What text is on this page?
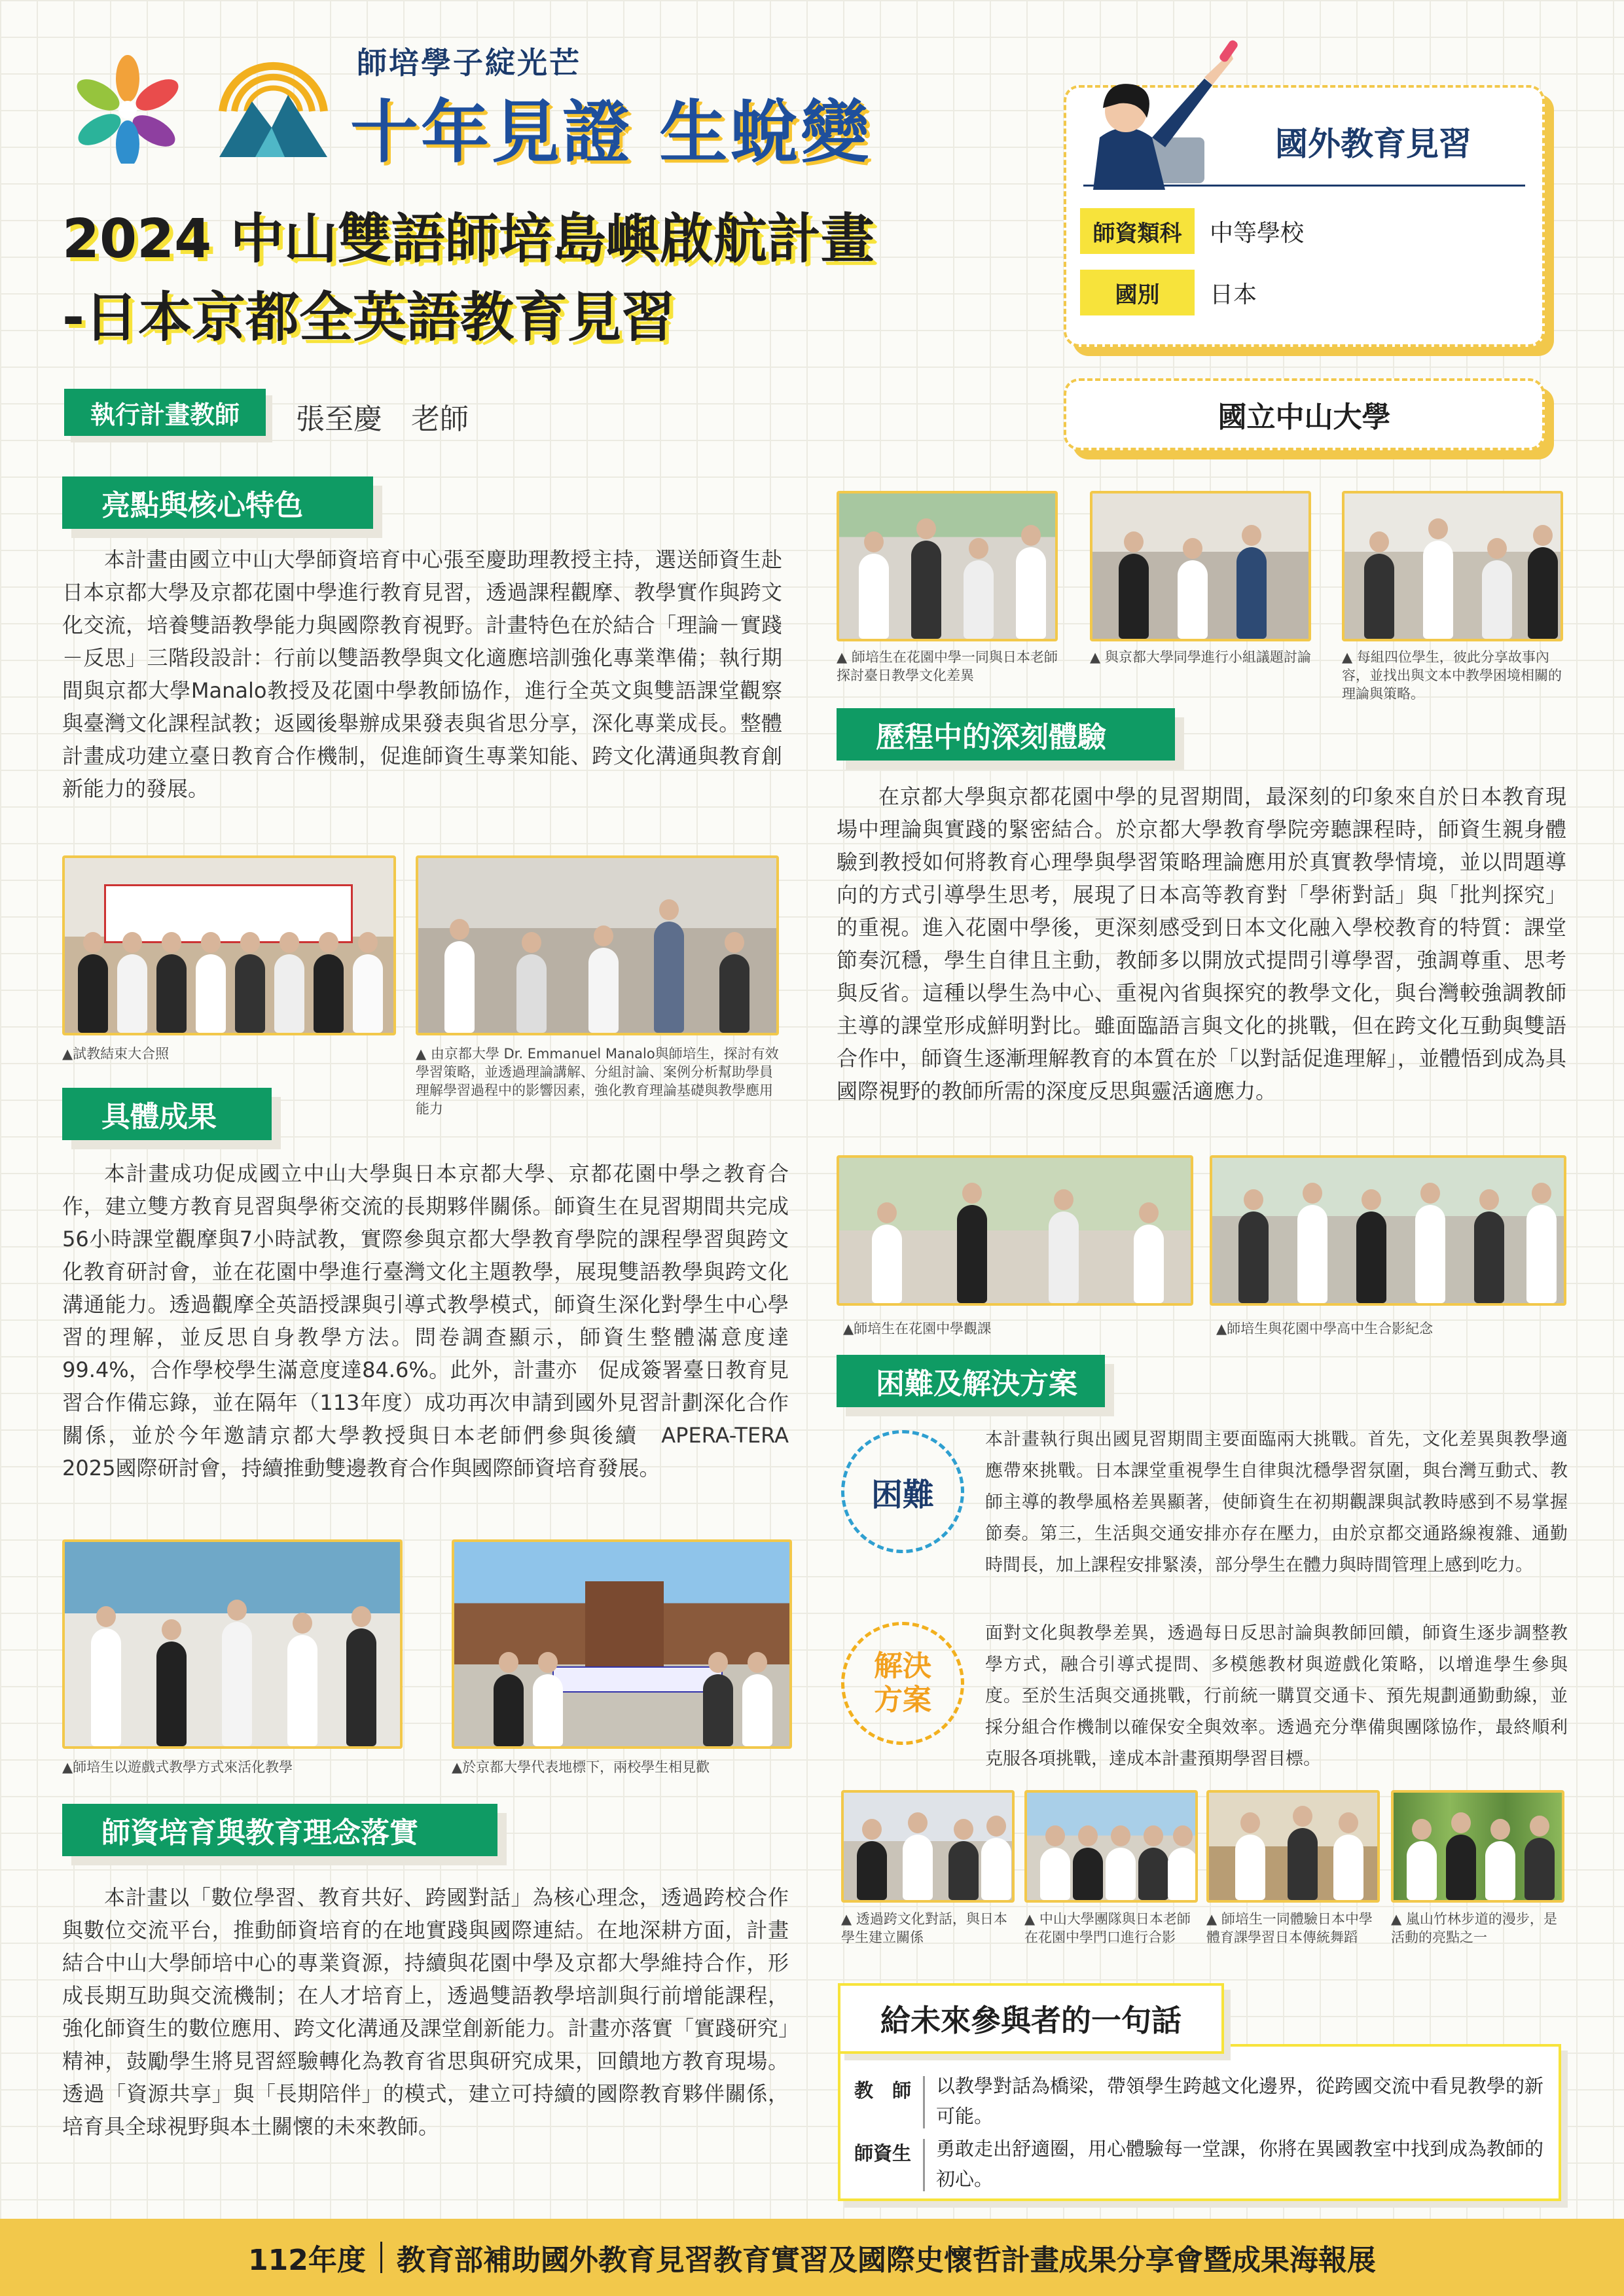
師培學子綻光芒
十年見證 生蛻變
2024 中山雙語師培島嶼啟航計畫
-日本京都全英語教育見習
國外教育見習
師資類科	中等學校
國別	日本
國立中山大學
執行計畫教師	張至慶　老師
亮點與核心特色
本計畫由國立中山大學師資培育中心張至慶助理教授主持，選送師資生赴日本京都大學及京都花園中學進行教育見習，透過課程觀摩、教學實作與跨文化交流，培養雙語教學能力與國際教育視野。計畫特色在於結合「理論－實踐－反思」三階段設計：行前以雙語教學與文化適應培訓強化專業準備；執行期間與京都大學Manalo教授及花園中學教師協作，進行全英文與雙語課堂觀察與臺灣文化課程試教；返國後舉辦成果發表與省思分享，深化專業成長。整體計畫成功建立臺日教育合作機制，促進師資生專業知能、跨文化溝通與教育創新能力的發展。
▲試教結束大合照	▲ 由京都大學 Dr. Emmanuel Manalo與師培生，探討有效學習策略，並透過理論講解、分組討論、案例分析幫助學員理解學習過程中的影響因素，強化教育理論基礎與教學應用能力
具體成果
本計畫成功促成國立中山大學與日本京都大學、京都花園中學之教育合作，建立雙方教育見習與學術交流的長期夥伴關係。師資生在見習期間共完成56小時課堂觀摩與7小時試教，實際參與京都大學教育學院的課程學習與跨文化教育研討會，並在花園中學進行臺灣文化主題教學，展現雙語教學與跨文化溝通能力。透過觀摩全英語授課與引導式教學模式，師資生深化對學生中心學習的理解，並反思自身教學方法。問卷調查顯示，師資生整體滿意度達99.4%，合作學校學生滿意度達84.6%。此外，計畫亦　促成簽署臺日教育見習合作備忘錄，並在隔年（113年度）成功再次申請到國外見習計劃深化合作關係，並於今年邀請京都大學教授與日本老師們參與後續　APERA-TERA　2025國際研討會，持續推動雙邊教育合作與國際師資培育發展。
▲師培生以遊戲式教學方式來活化教學	▲於京都大學代表地標下，兩校學生相見歡
師資培育與教育理念落實
本計畫以「數位學習、教育共好、跨國對話」為核心理念，透過跨校合作與數位交流平台，推動師資培育的在地實踐與國際連結。在地深耕方面，計畫結合中山大學師培中心的專業資源，持續與花園中學及京都大學維持合作，形成長期互助與交流機制；在人才培育上，透過雙語教學培訓與行前增能課程，強化師資生的數位應用、跨文化溝通及課堂創新能力。計畫亦落實「實踐研究」精神，鼓勵學生將見習經驗轉化為教育省思與研究成果，回饋地方教育現場。透過「資源共享」與「長期陪伴」的模式，建立可持續的國際教育夥伴關係，培育具全球視野與本土關懷的未來教師。
▲ 師培生在花園中學一同與日本老師探討臺日教學文化差異
▲ 與京都大學同學進行小組議題討論 ▲ 每組四位學生，彼此分享故事內容，並找出與文本中教學困境相關的理論與策略。
歷程中的深刻體驗
在京都大學與京都花園中學的見習期間，最深刻的印象來自於日本教育現場中理論與實踐的緊密結合。於京都大學教育學院旁聽課程時，師資生親身體驗到教授如何將教育心理學與學習策略理論應用於真實教學情境，並以問題導向的方式引導學生思考，展現了日本高等教育對「學術對話」與「批判探究」的重視。進入花園中學後，更深刻感受到日本文化融入學校教育的特質：課堂節奏沉穩，學生自律且主動，教師多以開放式提問引導學習，強調尊重、思考與反省。這種以學生為中心、重視內省與探究的教學文化，與台灣較強調教師主導的課堂形成鮮明對比。雖面臨語言與文化的挑戰，但在跨文化互動與雙語合作中，師資生逐漸理解教育的本質在於「以對話促進理解」，並體悟到成為具國際視野的教師所需的深度反思與靈活適應力。
▲師培生在花園中學觀課	▲師培生與花園中學高中生合影紀念
困難及解決方案
困難
本計畫執行與出國見習期間主要面臨兩大挑戰。首先，文化差異與教學適應帶來挑戰。日本課堂重視學生自律與沈穩學習氛圍，與台灣互動式、教師主導的教學風格差異顯著，使師資生在初期觀課與試教時感到不易掌握節奏。第三，生活與交通安排亦存在壓力，由於京都交通路線複雜、通勤時間長，加上課程安排緊湊，部分學生在體力與時間管理上感到吃力。
解決
方案
面對文化與教學差異，透過每日反思討論與教師回饋，師資生逐步調整教學方式，融合引導式提問、多模態教材與遊戲化策略，以增進學生參與度。至於生活與交通挑戰，行前統一購買交通卡、預先規劃通勤動線，並採分組合作機制以確保安全與效率。透過充分準備與團隊協作，最終順利克服各項挑戰，達成本計畫預期學習目標。
▲ 透過跨文化對話，與日本學生建立關係
▲ 中山大學團隊與日本老師在花園中學門口進行合影
▲ 師培生一同體驗日本中學體育課學習日本傳統舞蹈
▲ 嵐山竹林步道的漫步，是活動的亮點之一
給未來參與者的一句話
教　師 以教學對話為橋梁，帶領學生跨越文化邊界，從跨國交流中看見教學的新可能。
師資生 勇敢走出舒適圈，用心體驗每一堂課，你將在異國教室中找到成為教師的初心。
112年度 教育部補助國外教育見習教育實習及國際史懷哲計畫成果分享會暨成果海報展
